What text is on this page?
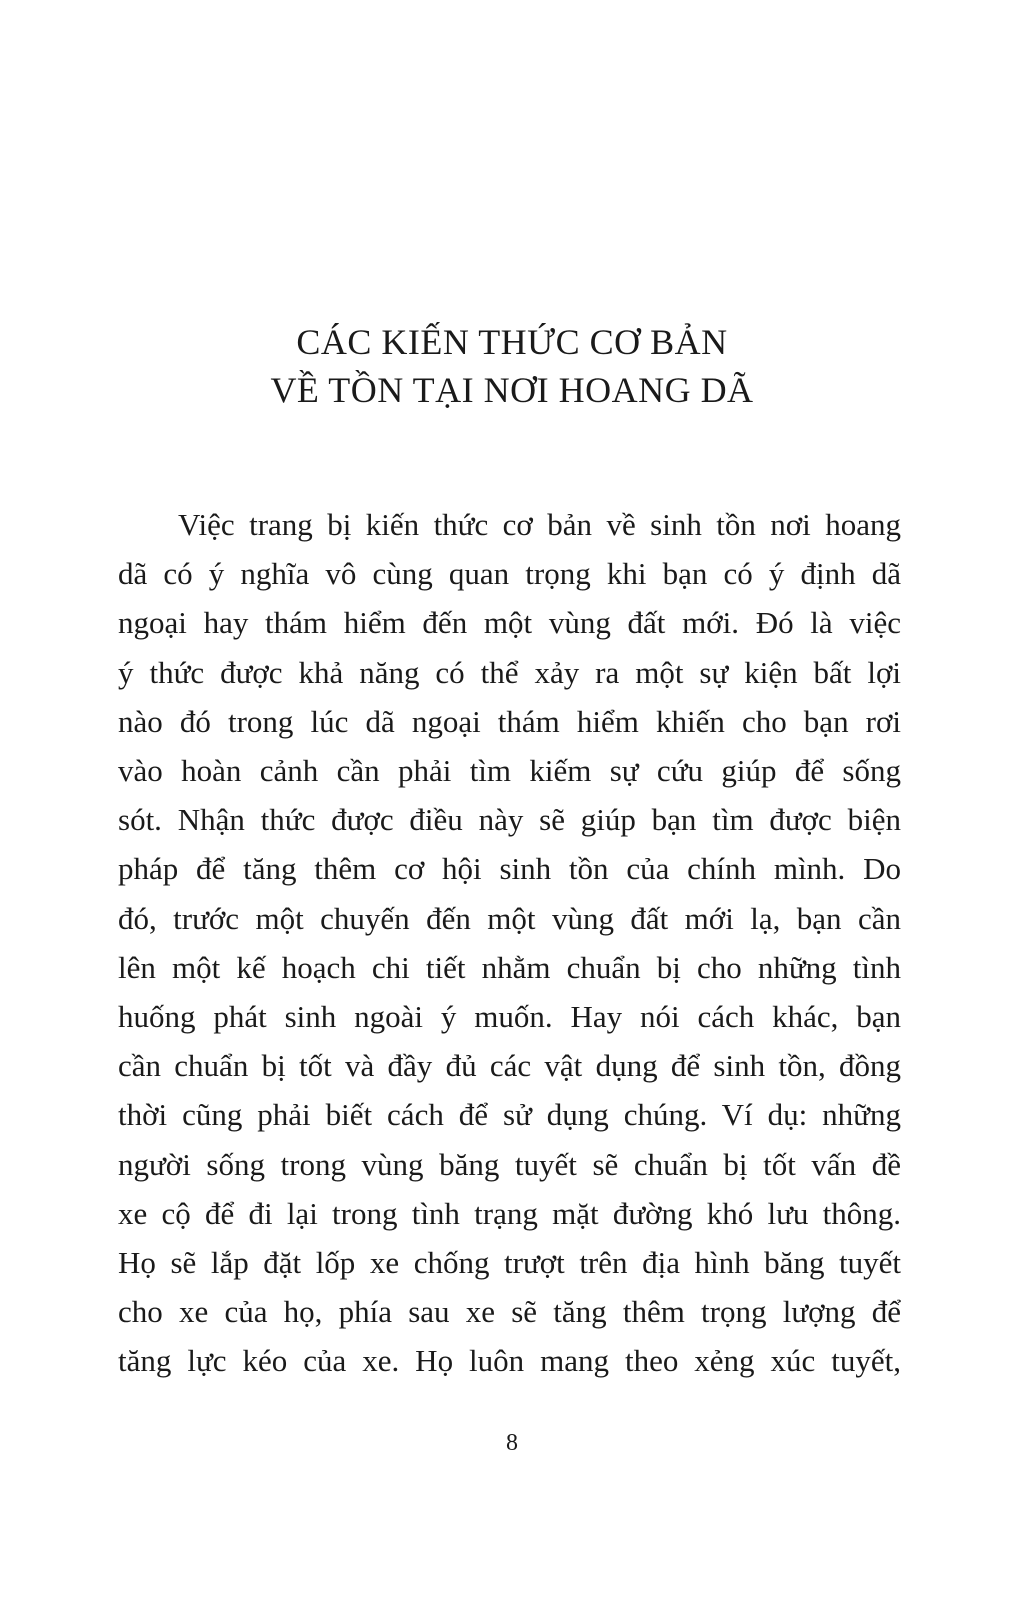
CÁC KIẾN THỨC CƠ BẢN
VỀ TỒN TẠI NƠI HOANG DÃ
Việc trang bị kiến thức cơ bản về sinh tồn nơi hoang
dã có ý nghĩa vô cùng quan trọng khi bạn có ý định dã
ngoại hay thám hiểm đến một vùng đất mới. Đó là việc
ý thức được khả năng có thể xảy ra một sự kiện bất lợi
nào đó trong lúc dã ngoại thám hiểm khiến cho bạn rơi
vào hoàn cảnh cần phải tìm kiếm sự cứu giúp để sống
sót. Nhận thức được điều này sẽ giúp bạn tìm được biện
pháp để tăng thêm cơ hội sinh tồn của chính mình. Do
đó, trước một chuyến đến một vùng đất mới lạ, bạn cần
lên một kế hoạch chi tiết nhằm chuẩn bị cho những tình
huống phát sinh ngoài ý muốn. Hay nói cách khác, bạn
cần chuẩn bị tốt và đầy đủ các vật dụng để sinh tồn, đồng
thời cũng phải biết cách để sử dụng chúng. Ví dụ: những
người sống trong vùng băng tuyết sẽ chuẩn bị tốt vấn đề
xe cộ để đi lại trong tình trạng mặt đường khó lưu thông.
Họ sẽ lắp đặt lốp xe chống trượt trên địa hình băng tuyết
cho xe của họ, phía sau xe sẽ tăng thêm trọng lượng để
tăng lực kéo của xe. Họ luôn mang theo xẻng xúc tuyết,
8
